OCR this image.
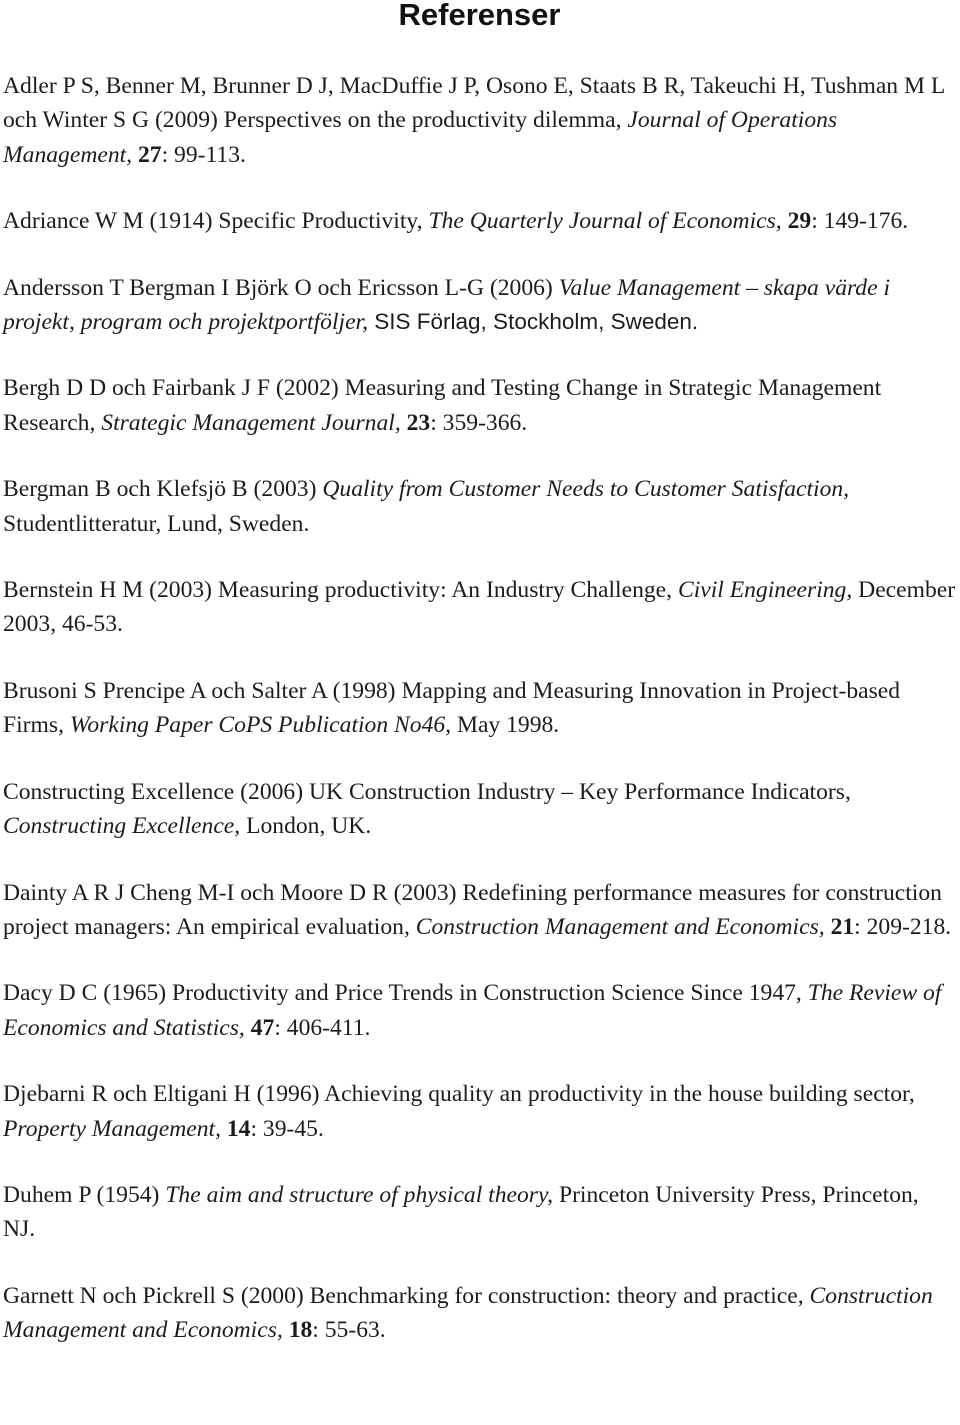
Referenser

Adler P S, Benner M, Brunner D J, MacDuffie J P, Osono E, Staats B R, Takeuchi H, Tushman M L och Winter S G (2009) Perspectives on the productivity dilemma, Journal of Operations Management, 27: 99-113.

Adriance W M (1914) Specific Productivity, The Quarterly Journal of Economics, 29: 149-176.

Andersson T Bergman I Björk O och Ericsson L-G (2006) Value Management – skapa värde i projekt, program och projektportföljer, SIS Förlag, Stockholm, Sweden.

Bergh D D och Fairbank J F (2002) Measuring and Testing Change in Strategic Management Research, Strategic Management Journal, 23: 359-366.

Bergman B och Klefsjö B (2003) Quality from Customer Needs to Customer Satisfaction, Studentlitteratur, Lund, Sweden.

Bernstein H M (2003) Measuring productivity: An Industry Challenge, Civil Engineering, December 2003, 46-53.

Brusoni S Prencipe A och Salter A (1998) Mapping and Measuring Innovation in Project-based Firms, Working Paper CoPS Publication No46, May 1998.

Constructing Excellence (2006) UK Construction Industry – Key Performance Indicators, Constructing Excellence, London, UK.

Dainty A R J Cheng M-I och Moore D R (2003) Redefining performance measures for construction project managers: An empirical evaluation, Construction Management and Economics, 21: 209-218.

Dacy D C (1965) Productivity and Price Trends in Construction Science Since 1947, The Review of Economics and Statistics, 47: 406-411.

Djebarni R och Eltigani H (1996) Achieving quality an productivity in the house building sector, Property Management, 14: 39-45.

Duhem P (1954) The aim and structure of physical theory, Princeton University Press, Princeton, NJ.

Garnett N och Pickrell S (2000) Benchmarking for construction: theory and practice, Construction Management and Economics, 18: 55-63.
